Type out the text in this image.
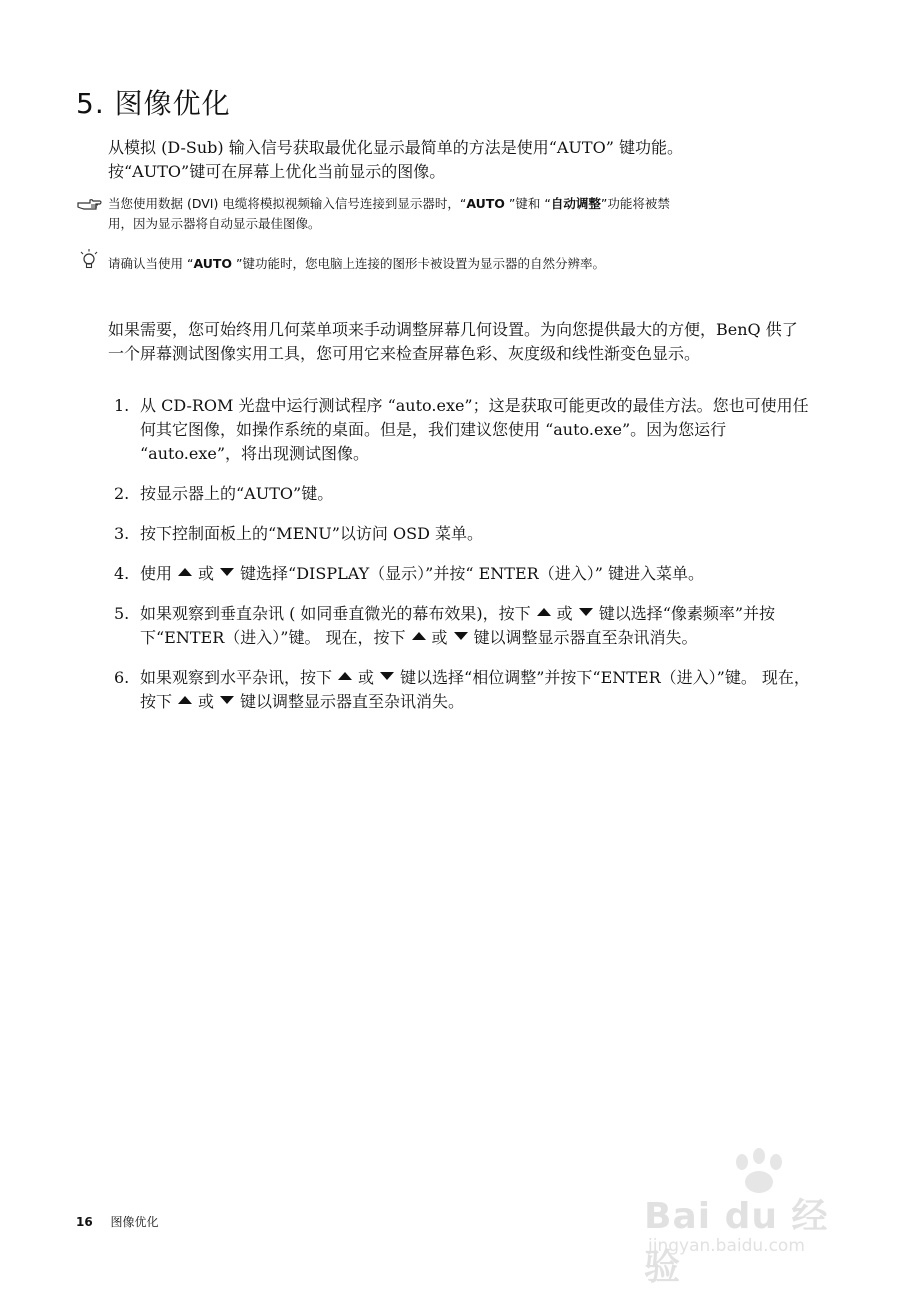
5. 图像优化

从模拟 (D-Sub) 输入信号获取最优化显示最简单的方法是使用“AUTO” 键功能。

按“AUTO”键可在屏幕上优化当前显示的图像。

当您使用数据 (DVI) 电缆将模拟视频输入信号连接到显示器时，“AUTO ”键和 “自动调整”功能将被禁
用，因为显示器将自动显示最佳图像。
请确认当使用 “AUTO ”键功能时，您电脑上连接的图形卡被设置为显示器的自然分辨率。

如果需要，您可始终用几何菜单项来手动调整屏幕几何设置。为向您提供最大的方便，BenQ 供了一个屏幕测试图像实用工具，您可用它来检查屏幕色彩、灰度级和线性渐变色显示。

1. 从 CD-ROM 光盘中运行测试程序 “auto.exe”；这是获取可能更改的最佳方法。您也可使用任何其它图像，如操作系统的桌面。但是，我们建议您使用 “auto.exe”。因为您运行 “auto.exe”，将出现测试图像。
2. 按显示器上的“AUTO”键。
3. 按下控制面板上的“MENU”以访问 OSD 菜单。
4. 使用 或 键选择“DISPLAY（显示）”并按“ ENTER（进入）” 键进入菜单。
5. 如果观察到垂直杂讯 ( 如同垂直微光的幕布效果)，按下 或 键以选择“像素频率”并按下“ENTER（进入）”键。 现在，按下 或 键以调整显示器直至杂讯消失。
6. 如果观察到水平杂讯，按下 或 键以选择“相位调整”并按下“ENTER（进入）”键。 现在，按下 或 键以调整显示器直至杂讯消失。
16 图像优化	Bai du 经验
jingyan.baidu.com
